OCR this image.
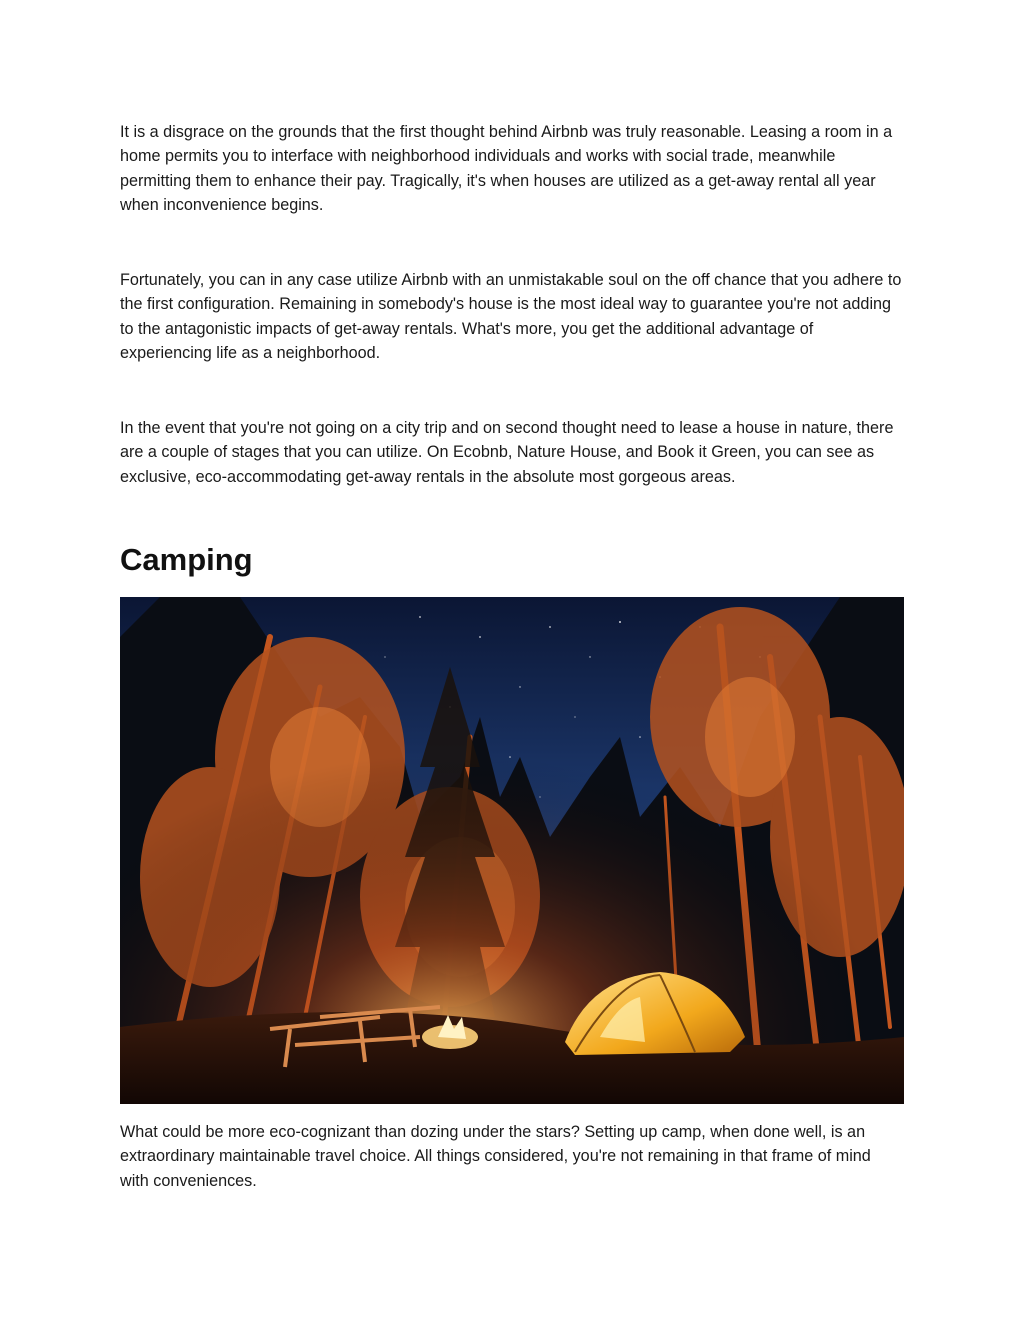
It is a disgrace on the grounds that the first thought behind Airbnb was truly reasonable. Leasing a room in a home permits you to interface with neighborhood individuals and works with social trade, meanwhile permitting them to enhance their pay. Tragically, it's when houses are utilized as a get-away rental all year when inconvenience begins.

Fortunately, you can in any case utilize Airbnb with an unmistakable soul on the off chance that you adhere to the first configuration. Remaining in somebody's house is the most ideal way to guarantee you're not adding to the antagonistic impacts of get-away rentals. What's more, you get the additional advantage of experiencing life as a neighborhood.

In the event that you're not going on a city trip and on second thought need to lease a house in nature, there are a couple of stages that you can utilize. On Ecobnb, Nature House, and Book it Green, you can see as exclusive, eco-accommodating get-away rentals in the absolute most gorgeous areas.

Camping

What could be more eco-cognizant than dozing under the stars? Setting up camp, when done well, is an extraordinary maintainable travel choice. All things considered, you're not remaining in that frame of mind with conveniences.
